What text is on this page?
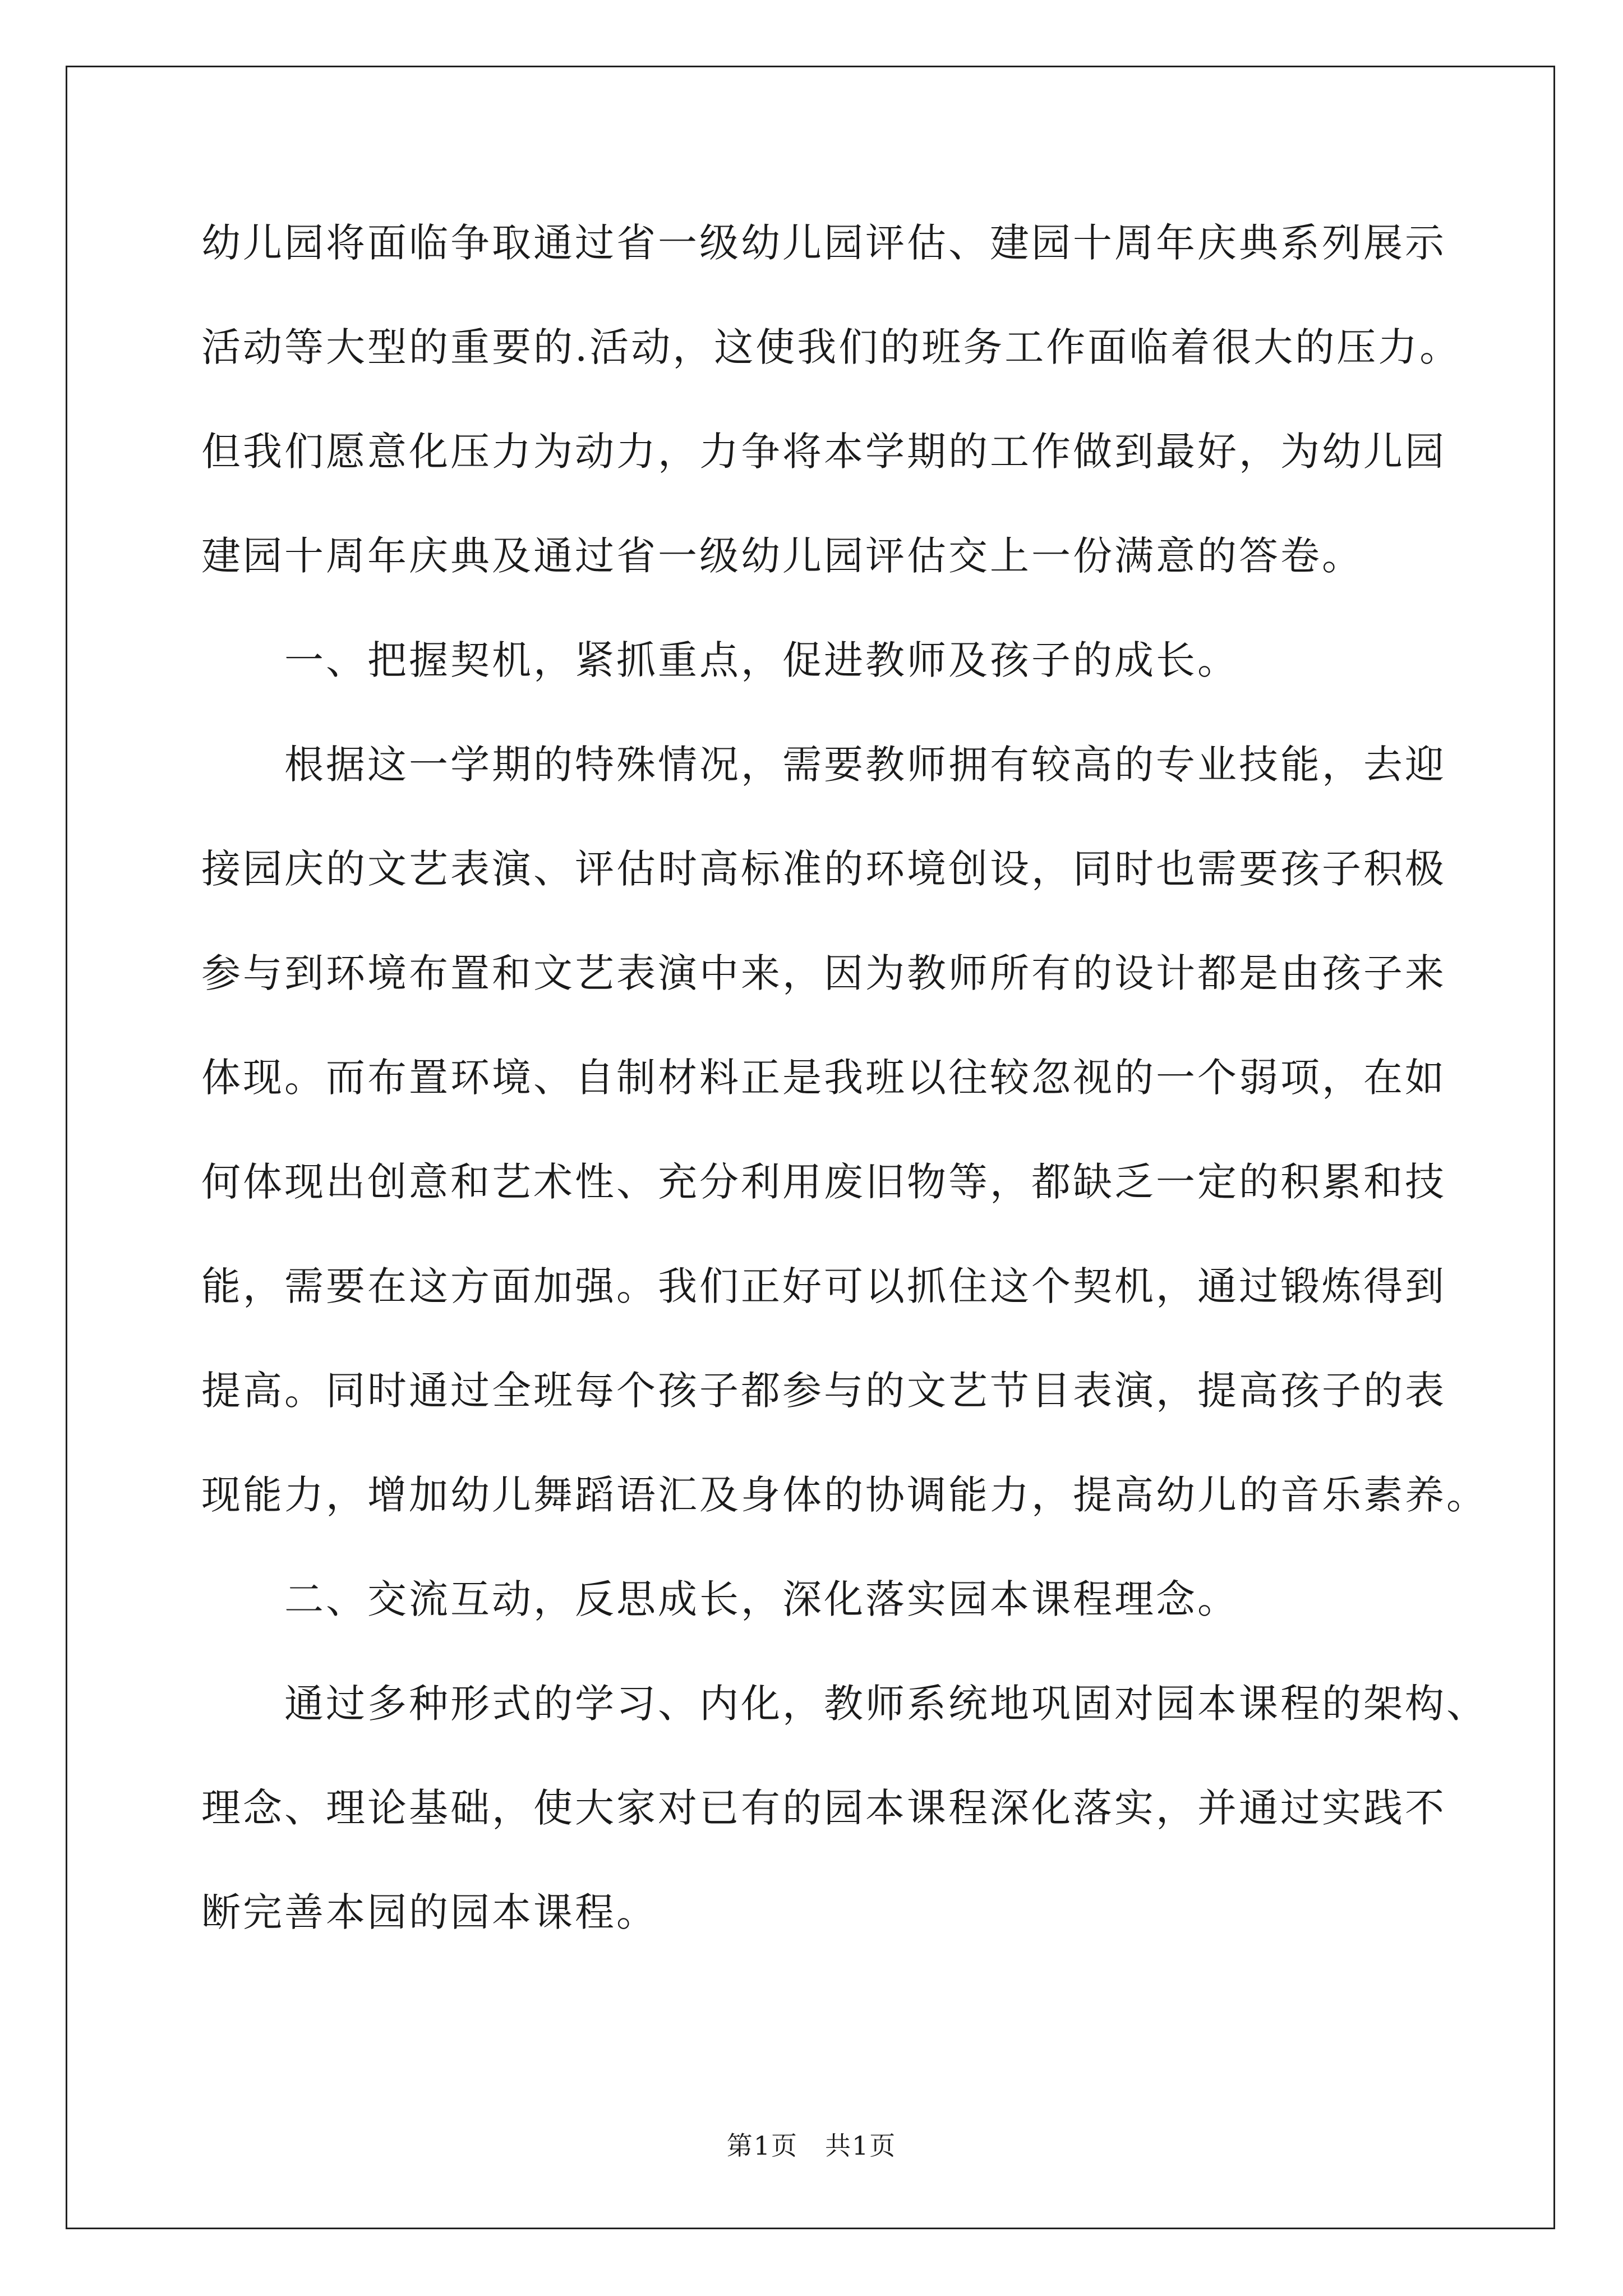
幼儿园将面临争取通过省一级幼儿园评估、建园十周年庆典系列展示
活动等大型的重要的.活动，这使我们的班务工作面临着很大的压力。
但我们愿意化压力为动力，力争将本学期的工作做到最好，为幼儿园
建园十周年庆典及通过省一级幼儿园评估交上一份满意的答卷。
一、把握契机，紧抓重点，促进教师及孩子的成长。
根据这一学期的特殊情况，需要教师拥有较高的专业技能，去迎
接园庆的文艺表演、评估时高标准的环境创设，同时也需要孩子积极
参与到环境布置和文艺表演中来，因为教师所有的设计都是由孩子来
体现。而布置环境、自制材料正是我班以往较忽视的一个弱项，在如
何体现出创意和艺术性、充分利用废旧物等，都缺乏一定的积累和技
能，需要在这方面加强。我们正好可以抓住这个契机，通过锻炼得到
提高。同时通过全班每个孩子都参与的文艺节目表演，提高孩子的表
现能力，增加幼儿舞蹈语汇及身体的协调能力，提高幼儿的音乐素养。
二、交流互动，反思成长，深化落实园本课程理念。
通过多种形式的学习、内化，教师系统地巩固对园本课程的架构、
理念、理论基础，使大家对已有的园本课程深化落实，并通过实践不
断完善本园的园本课程。
第1页　共1页
